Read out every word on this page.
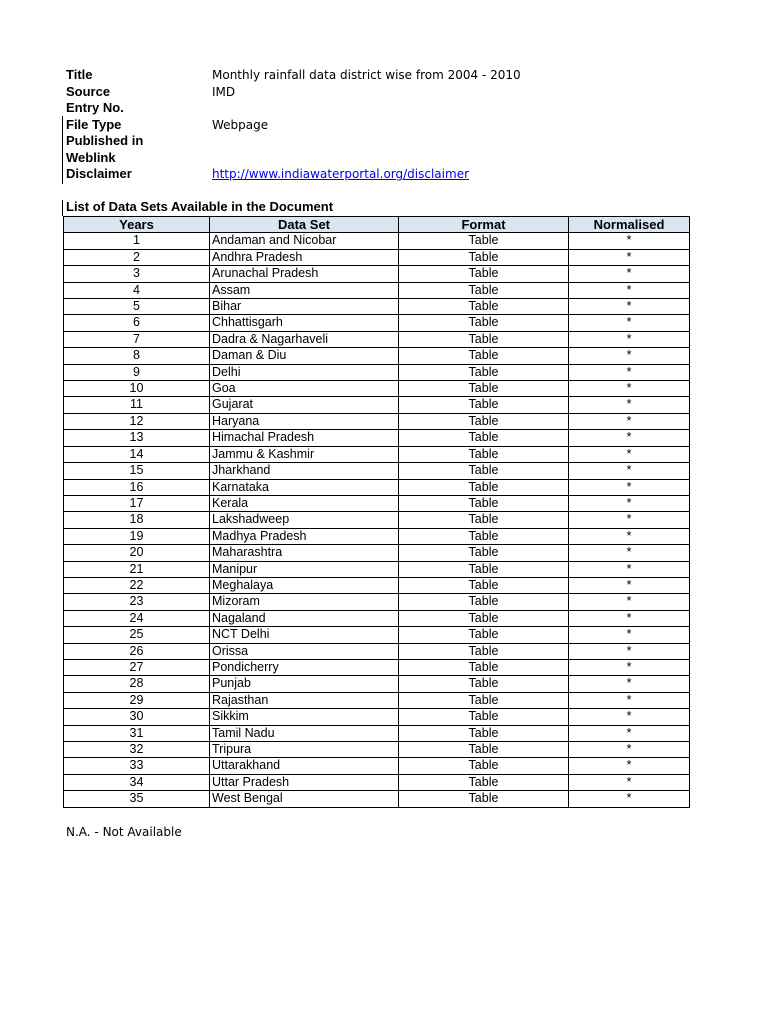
Title	Monthly rainfall data district wise from 2004 - 2010
Source	IMD
Entry No.
File Type	Webpage
Published in
Weblink
Disclaimer	http://www.indiawaterportal.org/disclaimer
List of Data Sets Available in the Document
Years	Data Set	Format	Normalised
1	Andaman and Nicobar	Table	*
2	Andhra Pradesh	Table	*
3	Arunachal Pradesh	Table	*
4	Assam	Table	*
5	Bihar	Table	*
6	Chhattisgarh	Table	*
7	Dadra & Nagarhaveli	Table	*
8	Daman & Diu	Table	*
9	Delhi	Table	*
10	Goa	Table	*
11	Gujarat	Table	*
12	Haryana	Table	*
13	Himachal Pradesh	Table	*
14	Jammu & Kashmir	Table	*
15	Jharkhand	Table	*
16	Karnataka	Table	*
17	Kerala	Table	*
18	Lakshadweep	Table	*
19	Madhya Pradesh	Table	*
20	Maharashtra	Table	*
21	Manipur	Table	*
22	Meghalaya	Table	*
23	Mizoram	Table	*
24	Nagaland	Table	*
25	NCT Delhi	Table	*
26	Orissa	Table	*
27	Pondicherry	Table	*
28	Punjab	Table	*
29	Rajasthan	Table	*
30	Sikkim	Table	*
31	Tamil Nadu	Table	*
32	Tripura	Table	*
33	Uttarakhand	Table	*
34	Uttar Pradesh	Table	*
35	West Bengal	Table	*
N.A. - Not Available
